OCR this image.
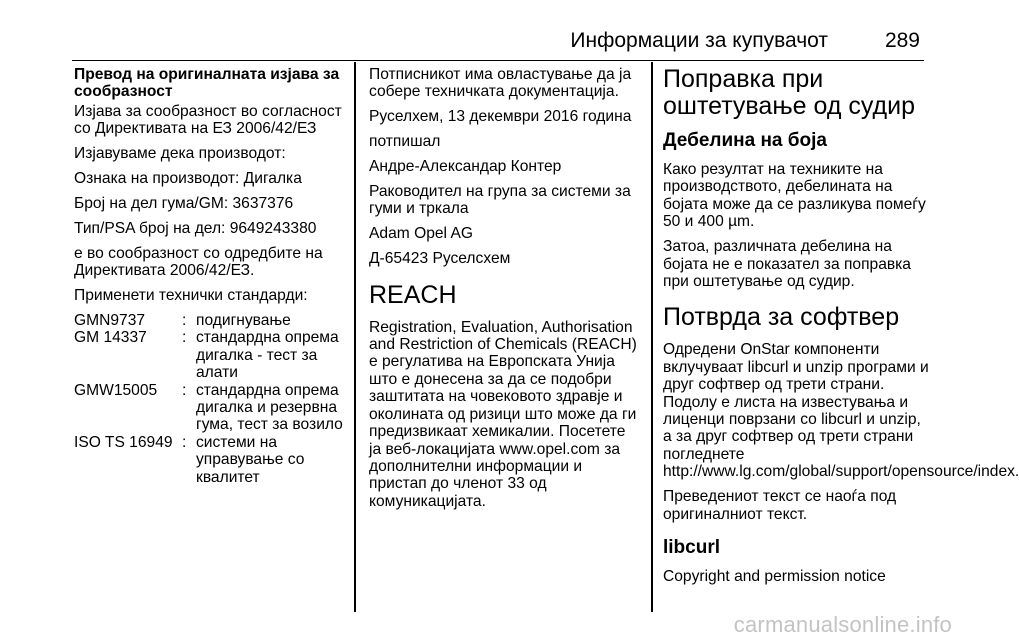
Информации за купувачот	289

Превод на оригиналната изјава за сообразност

Изјава за сообразност во согласност со Директивата на ЕЗ 2006/42/ЕЗ

Изјавуваме дека производот:

Ознака на производот: Дигалка

Број на дел гума/GM: 3637376

Тип/PSA број на дел: 9649243380

е во сообразност со одредбите на Директивата 2006/42/ЕЗ.

Применети технички стандарди:

GMN9737	:	подигнување
GM 14337	:	стандардна опрема дигалка - тест за алати
GMW15005	:	стандардна опрема дигалка и резервна гума, тест за возило
ISO TS 16949	:	системи на управување со квалитет

Потписникот има овластување да ја собере техничката документација.

Руселхем, 13 декември 2016 година

потпишал

Андре-Александар Контер

Раководител на група за системи за гуми и тркала

Adam Opel AG

Д-65423 Руселсхем

REACH

Registration, Evaluation, Authorisation and Restriction of Chemicals (REACH) е регулатива на Европската Унија што е донесена за да се подобри заштитата на човековото здравје и околината од ризици што може да ги предизвикаат хемикалии. Посетете ја веб-локацијата www.opel.com за дополнителни информации и пристап до членот 33 од комуникацијата.

Поправка при оштетување од судир

Дебелина на боја

Како резултат на техниките на производството, дебелината на бојата може да се разликува помеѓу 50 и 400 µm.

Затоа, различната дебелина на бојата не е показател за поправка при оштетување од судир.

Потврда за софтвер

Одредени OnStar компоненти вклучуваат libcurl и unzip програми и друг софтвер од трети страни. Подолу е листа на известувања и лиценци поврзани со libcurl и unzip, а за друг софтвер од трети страни погледнете http://www.lg.com/global/support/opensource/index.

Преведениот текст се наоѓа под оригиналниот текст.

libcurl

Copyright and permission notice

carmanualsonline.info
